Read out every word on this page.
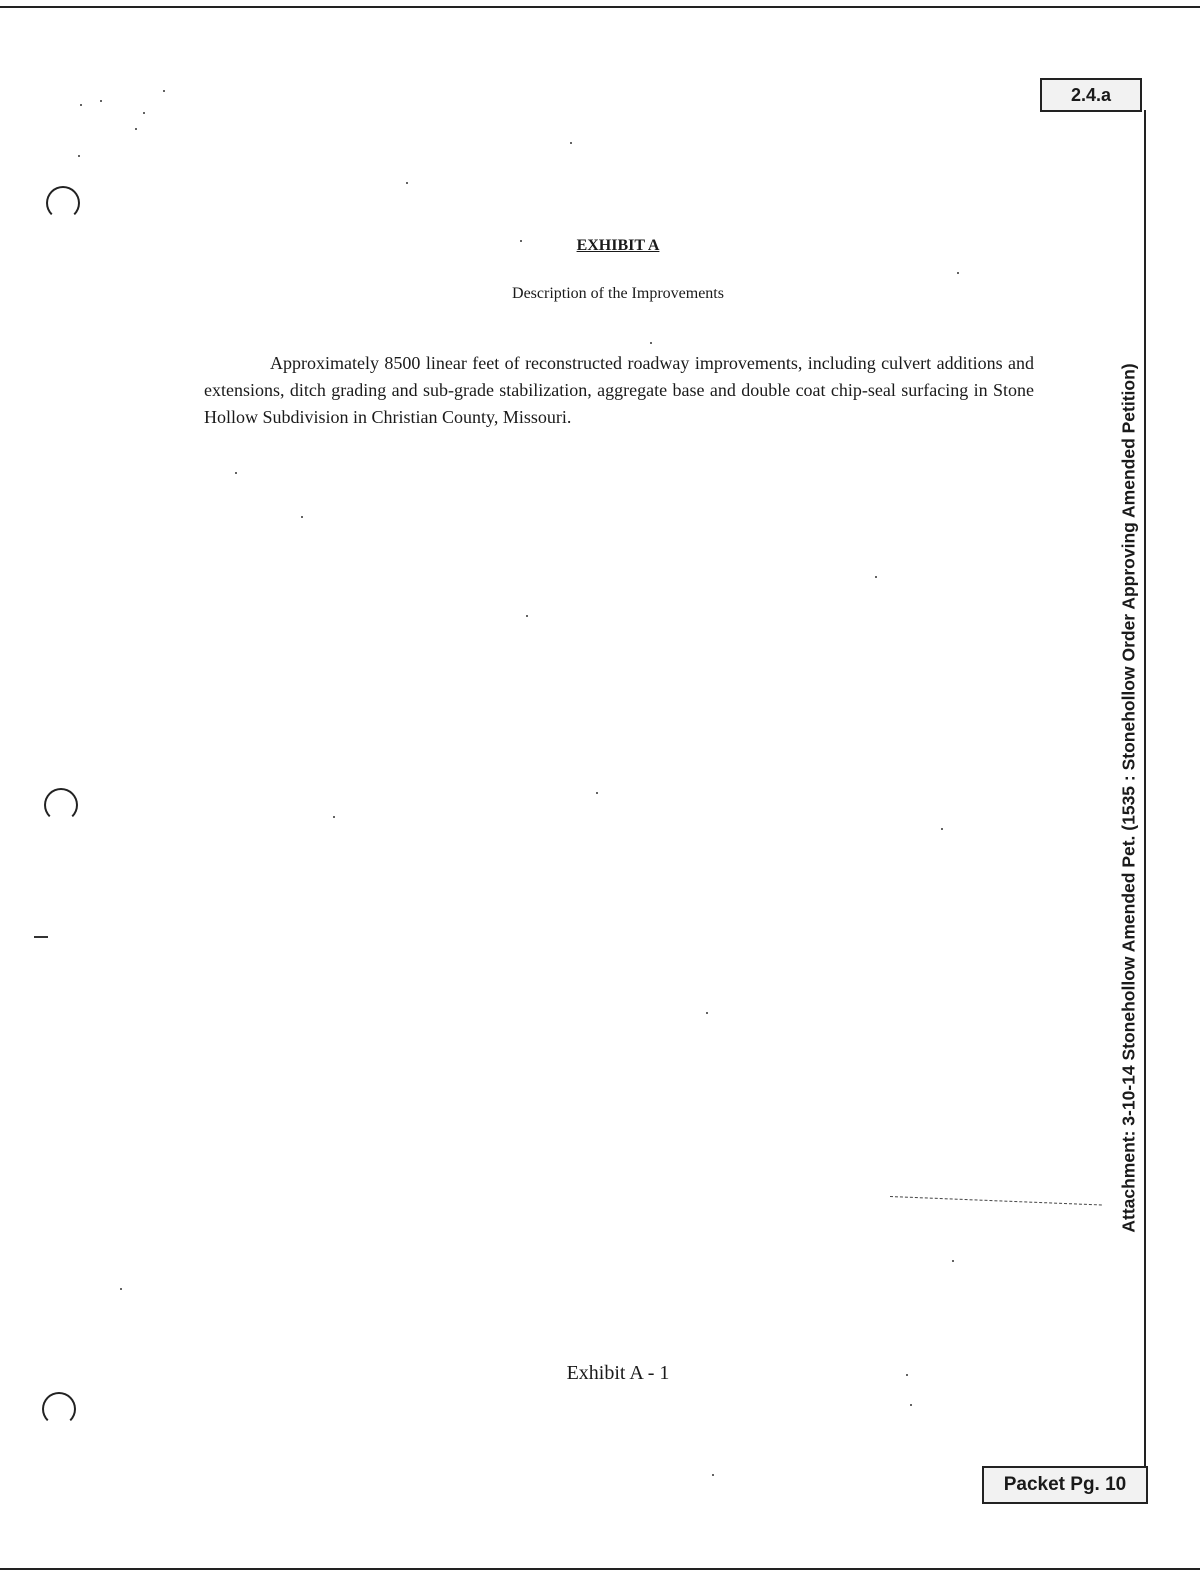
2.4.a
EXHIBIT A
Description of the Improvements

Approximately 8500 linear feet of reconstructed roadway improvements, including culvert additions and extensions, ditch grading and sub-grade stabilization, aggregate base and double coat chip-seal surfacing in Stone Hollow Subdivision in Christian County, Missouri.

Exhibit A - 1
Attachment: 3-10-14 Stonehollow Amended Pet. (1535 : Stonehollow Order Approving Amended Petition)
Packet Pg. 10
